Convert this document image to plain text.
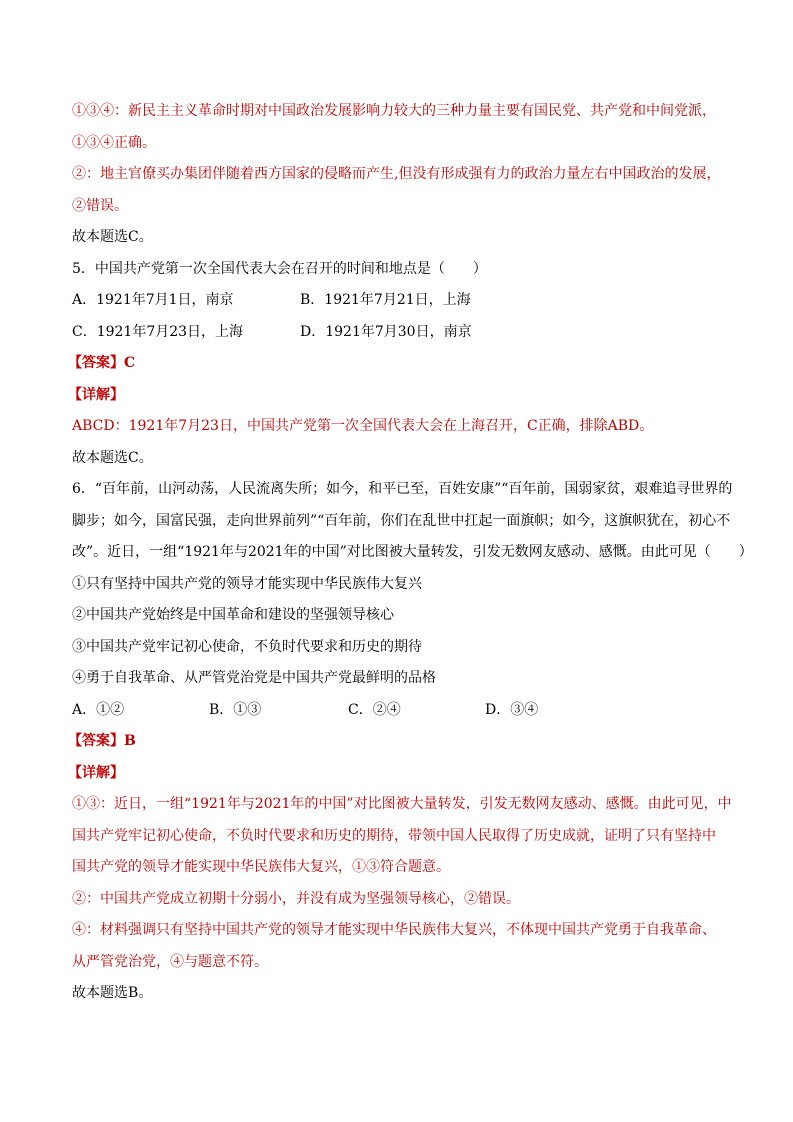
①③④：新民主主义革命时期对中国政治发展影响力较大的三种力量主要有国民党、共产党和中间党派，

①③④正确。

②：地主官僚买办集团伴随着西方国家的侵略而产生,但没有形成强有力的政治力量左右中国政治的发展，

②错误。

故本题选C。

5．中国共产党第一次全国代表大会在召开的时间和地点是（　　）

A．1921年7月1日，南京	B．1921年7月21日，上海
C．1921年7月23日，上海	D．1921年7月30日，南京

【答案】C

【详解】

ABCD：1921年7月23日，中国共产党第一次全国代表大会在上海召开，C正确，排除ABD。

故本题选C。

6．“百年前，山河动荡，人民流离失所；如今，和平已至，百姓安康”“百年前，国弱家贫，艰难追寻世界的

脚步；如今，国富民强，走向世界前列”“百年前，你们在乱世中扛起一面旗帜；如今，这旗帜犹在，初心不

改”。近日，一组“1921年与2021年的中国”对比图被大量转发，引发无数网友感动、感慨。由此可见（　　）

①只有坚持中国共产党的领导才能实现中华民族伟大复兴

②中国共产党始终是中国革命和建设的坚强领导核心

③中国共产党牢记初心使命，不负时代要求和历史的期待

④勇于自我革命、从严管党治党是中国共产党最鲜明的品格

A．①②	B．①③	C．②④	D．③④

【答案】B

【详解】

①③：近日，一组“1921年与2021年的中国”对比图被大量转发，引发无数网友感动、感慨。由此可见，中

国共产党牢记初心使命，不负时代要求和历史的期待，带领中国人民取得了历史成就，证明了只有坚持中

国共产党的领导才能实现中华民族伟大复兴，①③符合题意。

②：中国共产党成立初期十分弱小，并没有成为坚强领导核心，②错误。

④：材料强调只有坚持中国共产党的领导才能实现中华民族伟大复兴，不体现中国共产党勇于自我革命、

从严管党治党，④与题意不符。

故本题选B。
